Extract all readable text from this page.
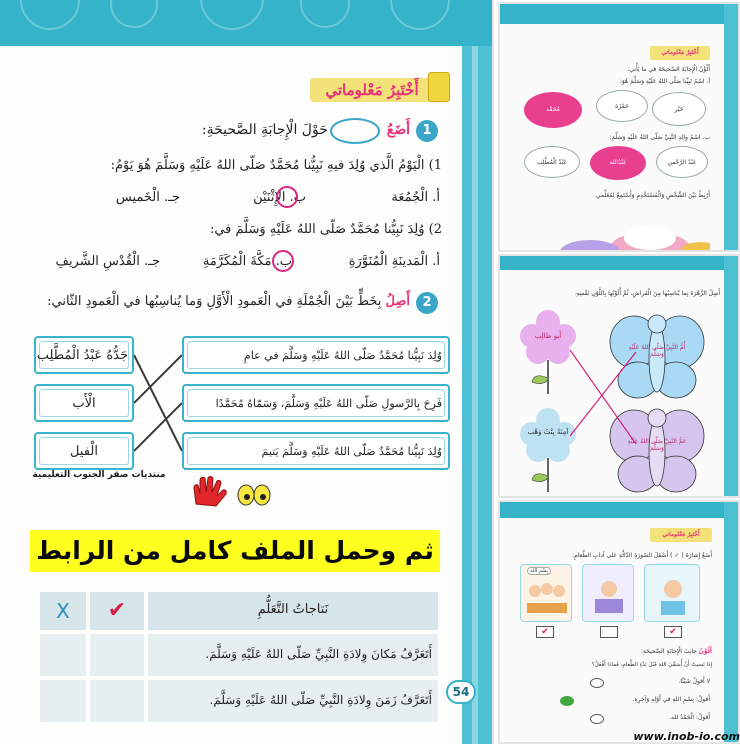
أَخْتَبِرُ مَعْلوماتي
1
أَضَعُ  حَوْلَ الْإِجابَةِ الصَّحيحَةِ:
1) الْيَوْمُ الَّذي وُلِدَ فيهِ نَبِيُّنا مُحَمَّدٌ صَلّى اللهُ عَلَيْهِ وَسَلَّمَ هُوَ يَوْمُ:
أ. الْجُمُعَة
ب. الإِثْنَيْن
جـ. الْخَميس
2) وُلِدَ نَبِيُّنا مُحَمَّدٌ صَلّى اللهُ عَلَيْهِ وَسَلَّمَ في:
أ. الْمَدينَةِ الْمُنَوَّرَةِ
ب. مَكَّةَ الْمُكَرَّمَةِ
جـ. الْقُدْسِ الشَّريفِ
2
أَصِلُ بِخَطٍّ بَيْنَ الْجُمْلَةِ في الْعَمودِ الْأَوَّلِ وَما يُناسِبُها في الْعَمودِ الثّاني:
جَدُّهُ عَبْدُ الْمُطَّلِب
الْأَب
الْفيل
وُلِدَ نَبِيُّنا مُحَمَّدٌ صَلّى اللهُ عَلَيْهِ وَسَلَّمَ في عامِ
فَرِحَ بِالرَّسولِ صَلّى اللهُ عَلَيْهِ وَسَلَّمَ، وَسَمّاهُ مُحَمَّدًا
وُلِدَ نَبِيُّنا مُحَمَّدٌ صَلّى اللهُ عَلَيْهِ وَسَلَّمَ يَتيمَ
منتديات صقر الجنوب التعليمية
ثم وحمل الملف كامل من الرابط
نَتاجاتُ التَّعَلُّمِ
✔
X
أَتَعَرَّفُ مَكانَ وِلادَةِ النَّبِيِّ صَلّى اللهُ عَلَيْهِ وَسَلَّمَ.
أَتَعَرَّفُ زَمَنَ وِلادَةِ النَّبِيِّ صَلّى اللهُ عَلَيْهِ وَسَلَّمَ.
54
أَخْتَبِرُ مَعْلوماتي
أَلْوِّنُ الْإِجابَةَ الصَّحيحَةَ في ما يَأْتي:
أ. اسْمُ نَبِيِّنا صَلّى اللهُ عَلَيْهِ وَسَلَّمَ هُوَ:
خَيْر
حَمْزَة
مُحَمَّد
ب. اسْمُ والِدِ النَّبِيِّ صَلّى اللهُ عَلَيْهِ وَسَلَّمَ:
عَبْدُ الرَّحْمن
عَبْدُالله
عَبْدُ الْمُطَّلِب
أَرْبِطُ بَيْنَ الشَّخْصِ وَالْمُسْتَخْدِمِ وَأَسْتَمِعُ لِمُعَلِّمي.
أَصِلُ الزَّهْرَةَ بِما يُناسِبُها مِنَ الْفَراشِ، ثُمَّ أُلَوِّنُها بِاللَّوْنِ نَفْسِهِ.
أَبو طالِب
آمِنَةُ بِنْتُ وَهْب
أُمُّ النَّبِيِّ صَلّى اللهُ عَلَيْهِ وَسَلَّمَ
عَمُّ النَّبِيِّ صَلّى اللهُ عَلَيْهِ وَسَلَّمَ
أَخْتَبِرُ مَعْلوماتي
أَضَعُ إِشارَةَ ( ✓ ) أَسْفَلَ الصّورَةِ الدّالَّةِ عَلى آدابِ الطَّعامِ:
بِسْمِ الله
✔	✔
أَلْوِّنُ جانِبَ الْإِجابَةِ الصَّحيحَةِ:
إِذا نَسيتُ أَنْ أُسَمِّيَ اللهَ قَبْلَ بَدْءِ الطَّعامِ، فَماذا أَفْعَلُ؟
لا أَقولُ شَيْئًا.
أَقولُ: بِسْمِ اللهِ في أَوَّلِهِ وَآخِرِهِ.
أَقولُ: الْحَمْدُ لله.
www.inob-io.com
